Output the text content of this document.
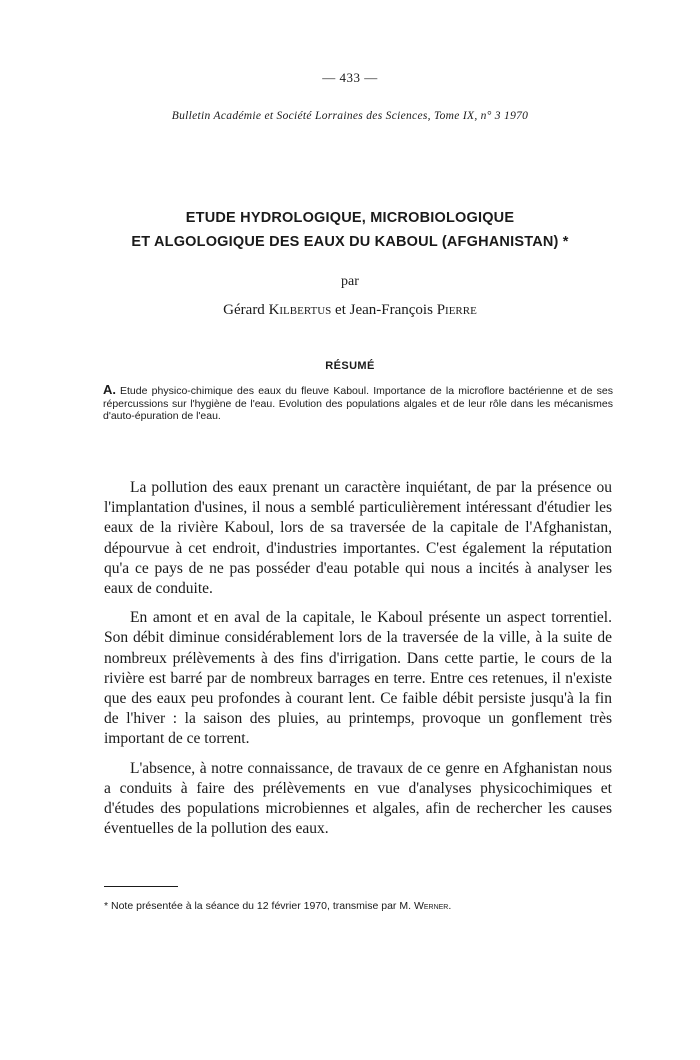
— 433 —
Bulletin Académie et Société Lorraines des Sciences, Tome IX, n° 3 1970
ETUDE HYDROLOGIQUE, MICROBIOLOGIQUE
ET ALGOLOGIQUE DES EAUX DU KABOUL (AFGHANISTAN) *
par
Gérard Kilbertus et Jean-François Pierre
RÉSUMÉ
A. Etude physico-chimique des eaux du fleuve Kaboul. Importance de la microflore bactérienne et de ses répercussions sur l'hygiène de l'eau. Evolution des populations algales et de leur rôle dans les mécanismes d'auto-épuration de l'eau.

La pollution des eaux prenant un caractère inquiétant, de par la présence ou l'implantation d'usines, il nous a semblé particulièrement intéressant d'étudier les eaux de la rivière Kaboul, lors de sa traversée de la capitale de l'Afghanistan, dépourvue à cet endroit, d'industries importantes. C'est également la réputation qu'a ce pays de ne pas posséder d'eau potable qui nous a incités à analyser les eaux de conduite.

En amont et en aval de la capitale, le Kaboul présente un aspect torrentiel. Son débit diminue considérablement lors de la traversée de la ville, à la suite de nombreux prélèvements à des fins d'irrigation. Dans cette partie, le cours de la rivière est barré par de nombreux barrages en terre. Entre ces retenues, il n'existe que des eaux peu profondes à courant lent. Ce faible débit persiste jusqu'à la fin de l'hiver : la saison des pluies, au printemps, provoque un gonflement très important de ce torrent.

L'absence, à notre connaissance, de travaux de ce genre en Afghanistan nous a conduits à faire des prélèvements en vue d'analyses physicochimiques et d'études des populations microbiennes et algales, afin de rechercher les causes éventuelles de la pollution des eaux.

* Note présentée à la séance du 12 février 1970, transmise par M. Werner.
